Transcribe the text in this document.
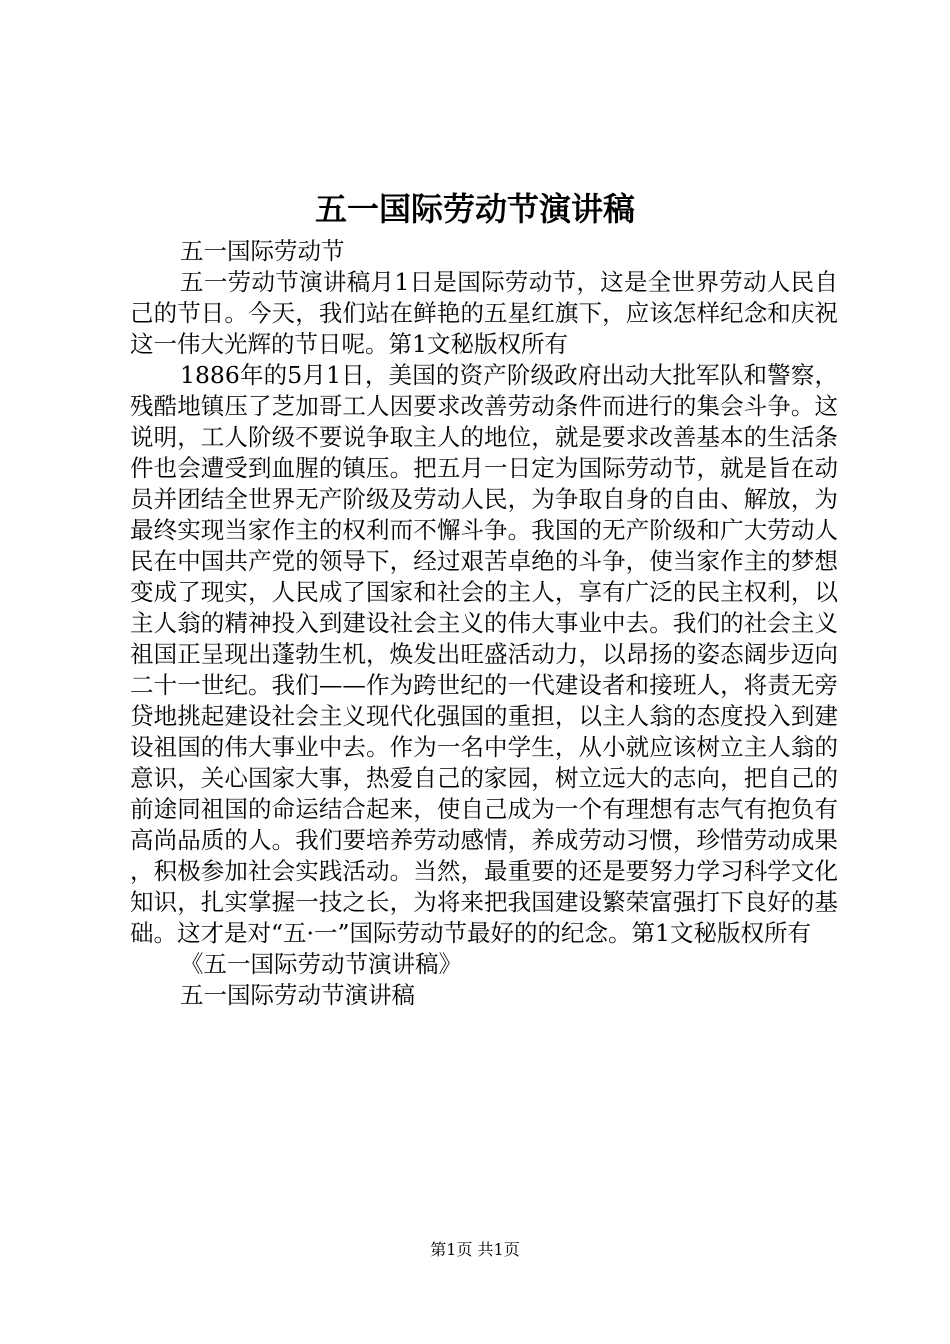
五一国际劳动节演讲稿

五一国际劳动节

五一劳动节演讲稿月1日是国际劳动节，这是全世界劳动人民自己的节日。今天，我们站在鲜艳的五星红旗下，应该怎样纪念和庆祝这一伟大光辉的节日呢。第1文秘版权所有

1886年的5月1日，美国的资产阶级政府出动大批军队和警察，残酷地镇压了芝加哥工人因要求改善劳动条件而进行的集会斗争。这说明，工人阶级不要说争取主人的地位，就是要求改善基本的生活条件也会遭受到血腥的镇压。把五月一日定为国际劳动节，就是旨在动员并团结全世界无产阶级及劳动人民，为争取自身的自由、解放，为最终实现当家作主的权利而不懈斗争。我国的无产阶级和广大劳动人民在中国共产党的领导下，经过艰苦卓绝的斗争，使当家作主的梦想变成了现实，人民成了国家和社会的主人，享有广泛的民主权利，以主人翁的精神投入到建设社会主义的伟大事业中去。我们的社会主义祖国正呈现出蓬勃生机，焕发出旺盛活动力，以昂扬的姿态阔步迈向二十一世纪。我们——作为跨世纪的一代建设者和接班人，将责无旁贷地挑起建设社会主义现代化强国的重担，以主人翁的态度投入到建设祖国的伟大事业中去。作为一名中学生，从小就应该树立主人翁的意识，关心国家大事，热爱自己的家园，树立远大的志向，把自己的前途同祖国的命运结合起来，使自己成为一个有理想有志气有抱负有高尚品质的人。我们要培养劳动感情，养成劳动习惯，珍惜劳动成果，积极参加社会实践活动。当然，最重要的还是要努力学习科学文化知识，扎实掌握一技之长，为将来把我国建设繁荣富强打下良好的基础。这才是对“五·一”国际劳动节最好的的纪念。第1文秘版权所有

《五一国际劳动节演讲稿》

五一国际劳动节演讲稿

第1页 共1页
